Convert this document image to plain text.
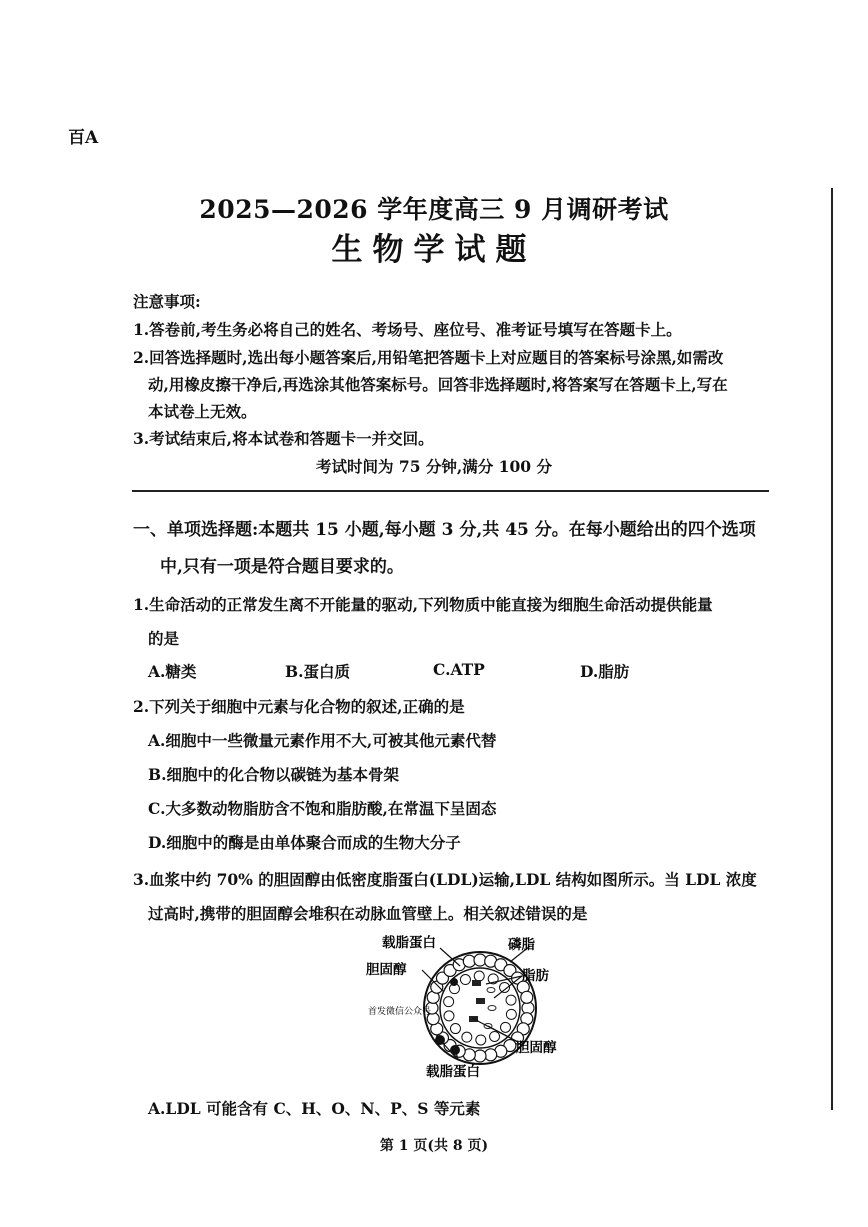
百A
2025—2026 学年度高三 9 月调研考试
生物学试题
注意事项:
1.答卷前,考生务必将自己的姓名、考场号、座位号、准考证号填写在答题卡上。
2.回答选择题时,选出每小题答案后,用铅笔把答题卡上对应题目的答案标号涂黑,如需改
动,用橡皮擦干净后,再选涂其他答案标号。回答非选择题时,将答案写在答题卡上,写在
本试卷上无效。
3.考试结束后,将本试卷和答题卡一并交回。
考试时间为 75 分钟,满分 100 分
一、单项选择题:本题共 15 小题,每小题 3 分,共 45 分。在每小题给出的四个选项
中,只有一项是符合题目要求的。
1.生命活动的正常发生离不开能量的驱动,下列物质中能直接为细胞生命活动提供能量
的是
A.糖类	B.蛋白质	C.ATP	D.脂肪
2.下列关于细胞中元素与化合物的叙述,正确的是
A.细胞中一些微量元素作用不大,可被其他元素代替
B.细胞中的化合物以碳链为基本骨架
C.大多数动物脂肪含不饱和脂肪酸,在常温下呈固态
D.细胞中的酶是由单体聚合而成的生物大分子
3.血浆中约 70% 的胆固醇由低密度脂蛋白(LDL)运输,LDL 结构如图所示。当 LDL 浓度
过高时,携带的胆固醇会堆积在动脉血管壁上。相关叙述错误的是
载脂蛋白	磷脂
胆固醇	脂肪
胆固醇
载脂蛋白
首发微信公众号
A.LDL 可能含有 C、H、O、N、P、S 等元素
第 1 页(共 8 页)
